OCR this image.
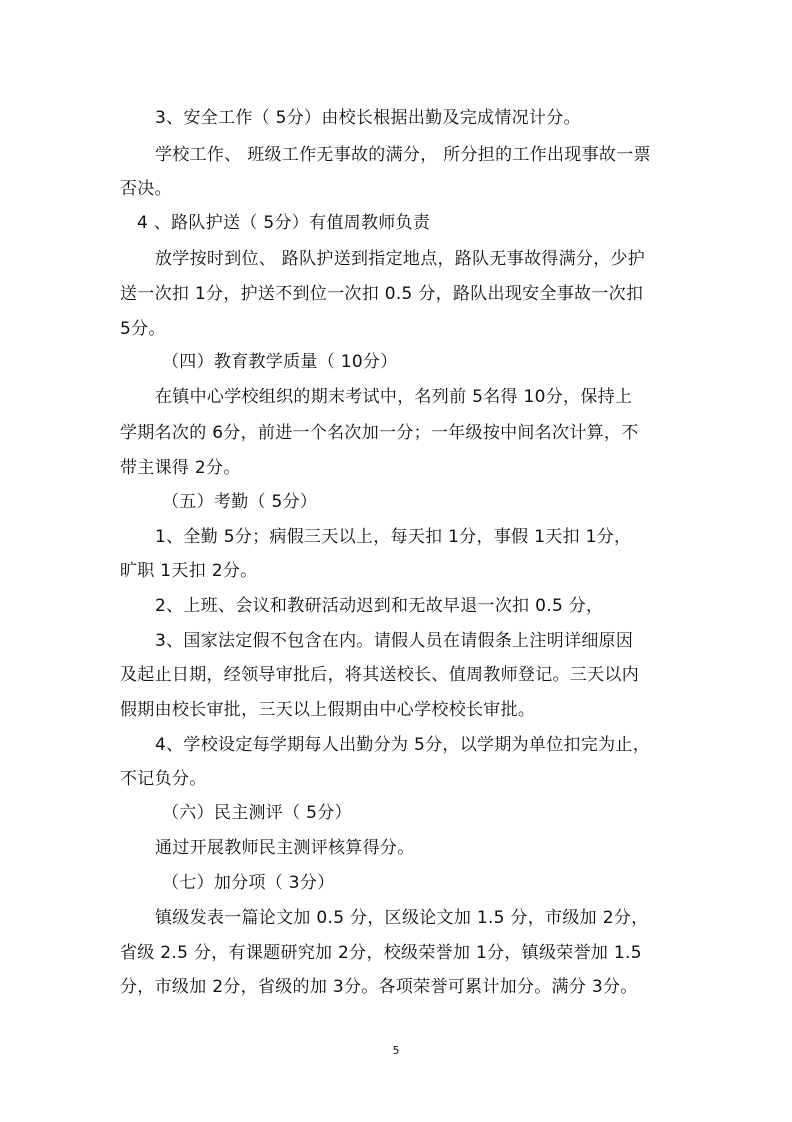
3、安全工作（ 5分）由校长根据出勤及完成情况计分。
学校工作、 班级工作无事故的满分， 所分担的工作出现事故一票
否决。
4 、路队护送（ 5分）有值周教师负责
放学按时到位、 路队护送到指定地点，路队无事故得满分，少护
送一次扣 1分，护送不到位一次扣 0.5 分，路队出现安全事故一次扣
5分。
（四）教育教学质量（ 10分）
在镇中心学校组织的期末考试中，名列前 5名得 10分，保持上
学期名次的 6分，前进一个名次加一分；一年级按中间名次计算，不
带主课得 2分。
（五）考勤（ 5分）
1、全勤 5分；病假三天以上，每天扣 1分，事假 1天扣 1分，
旷职 1天扣 2分。
2、上班、会议和教研活动迟到和无故早退一次扣 0.5 分，
3、国家法定假不包含在内。请假人员在请假条上注明详细原因
及起止日期，经领导审批后，将其送校长、值周教师登记。三天以内
假期由校长审批，三天以上假期由中心学校校长审批。
4、学校设定每学期每人出勤分为 5分，以学期为单位扣完为止，
不记负分。
（六）民主测评（ 5分）
通过开展教师民主测评核算得分。
（七）加分项（ 3分）
镇级发表一篇论文加 0.5 分，区级论文加 1.5 分，市级加 2分，
省级 2.5 分，有课题研究加 2分，校级荣誉加 1分，镇级荣誉加 1.5
分，市级加 2分，省级的加 3分。各项荣誉可累计加分。满分 3分。
5
